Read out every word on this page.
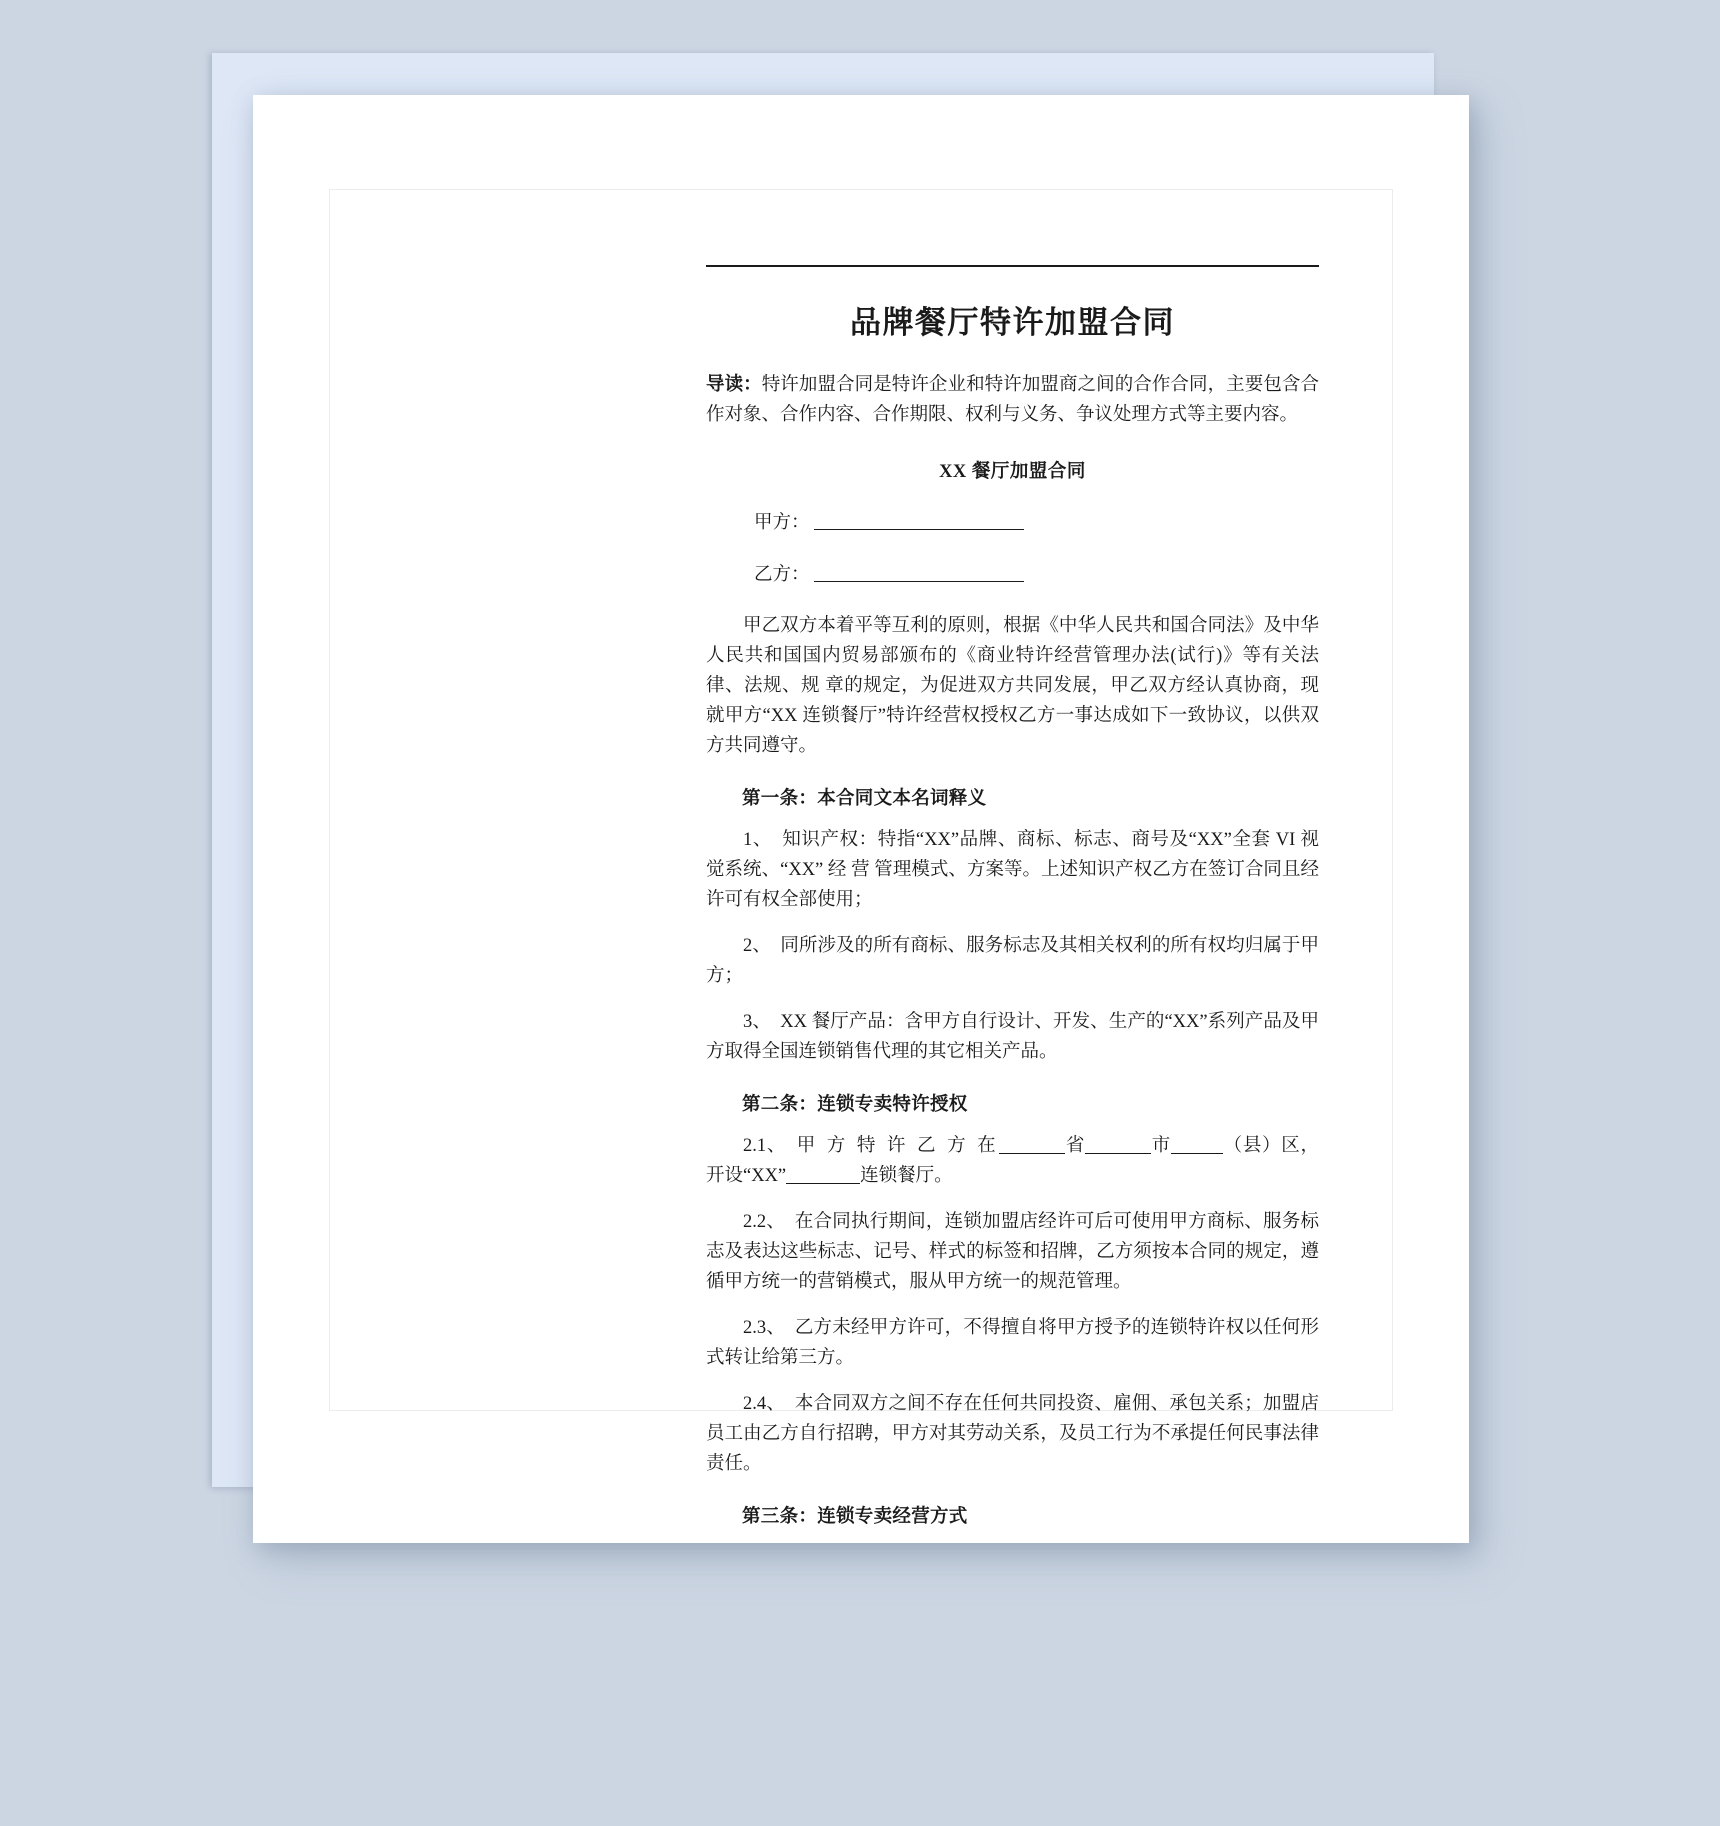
品牌餐厅特许加盟合同

导读：特许加盟合同是特许企业和特许加盟商之间的合作合同，主要包含合作对象、合作内容、合作期限、权利与义务、争议处理方式等主要内容。

XX 餐厅加盟合同

甲方：

乙方：

甲乙双方本着平等互利的原则，根据《中华人民共和国合同法》及中华人民共和国国内贸易部颁布的《商业特许经营管理办法(试行)》等有关法律、法规、规 章的规定，为促进双方共同发展，甲乙双方经认真协商，现就甲方“XX 连锁餐厅”特许经营权授权乙方一事达成如下一致协议，以供双方共同遵守。

第一条：本合同文本名词释义

1、 知识产权：特指“XX”品牌、商标、标志、商号及“XX”全套 VI 视觉系统、“XX” 经 营 管理模式、方案等。上述知识产权乙方在签订合同且经许可有权全部使用；

2、 同所涉及的所有商标、服务标志及其相关权利的所有权均归属于甲方；

3、 XX 餐厅产品：含甲方自行设计、开发、生产的“XX”系列产品及甲方取得全国连锁销售代理的其它相关产品。

第二条：连锁专卖特许授权

2.1、 甲 方 特 许 乙 方 在	省	市	（县）区，开设“XX”	连锁餐厅。

2.2、 在合同执行期间，连锁加盟店经许可后可使用甲方商标、服务标志及表达这些标志、记号、样式的标签和招牌，乙方须按本合同的规定，遵循甲方统一的营销模式，服从甲方统一的规范管理。

2.3、 乙方未经甲方许可，不得擅自将甲方授予的连锁特许权以任何形式转让给第三方。

2.4、 本合同双方之间不存在任何共同投资、雇佣、承包关系；加盟店员工由乙方自行招聘，甲方对其劳动关系，及员工行为不承提任何民事法律责任。

第三条：连锁专卖经营方式
